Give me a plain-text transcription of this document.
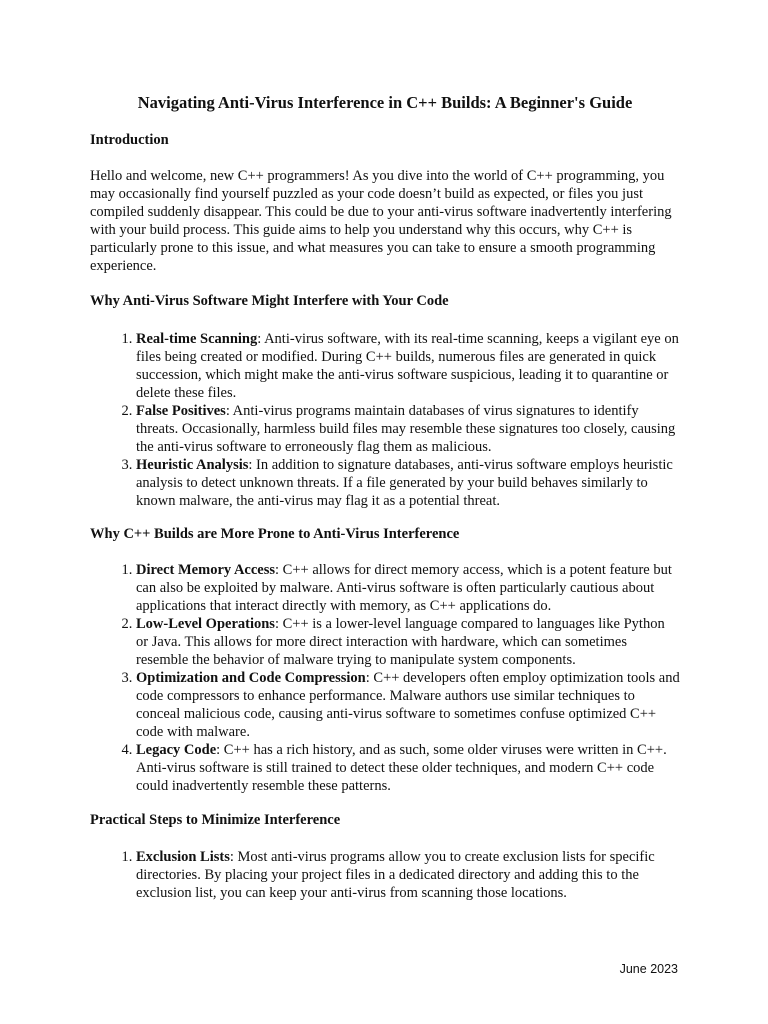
Navigating Anti-Virus Interference in C++ Builds: A Beginner's Guide
Introduction

Hello and welcome, new C++ programmers! As you dive into the world of C++ programming, you may occasionally find yourself puzzled as your code doesn’t build as expected, or files you just compiled suddenly disappear. This could be due to your anti-virus software inadvertently interfering with your build process. This guide aims to help you understand why this occurs, why C++ is particularly prone to this issue, and what measures you can take to ensure a smooth programming experience.

Why Anti-Virus Software Might Interfere with Your Code
1. Real-time Scanning: Anti-virus software, with its real-time scanning, keeps a vigilant eye on files being created or modified. During C++ builds, numerous files are generated in quick succession, which might make the anti-virus software suspicious, leading it to quarantine or delete these files.
2. False Positives: Anti-virus programs maintain databases of virus signatures to identify threats. Occasionally, harmless build files may resemble these signatures too closely, causing the anti-virus software to erroneously flag them as malicious.
3. Heuristic Analysis: In addition to signature databases, anti-virus software employs heuristic analysis to detect unknown threats. If a file generated by your build behaves similarly to known malware, the anti-virus may flag it as a potential threat.
Why C++ Builds are More Prone to Anti-Virus Interference
1. Direct Memory Access: C++ allows for direct memory access, which is a potent feature but can also be exploited by malware. Anti-virus software is often particularly cautious about applications that interact directly with memory, as C++ applications do.
2. Low-Level Operations: C++ is a lower-level language compared to languages like Python or Java. This allows for more direct interaction with hardware, which can sometimes resemble the behavior of malware trying to manipulate system components.
3. Optimization and Code Compression: C++ developers often employ optimization tools and code compressors to enhance performance. Malware authors use similar techniques to conceal malicious code, causing anti-virus software to sometimes confuse optimized C++ code with malware.
4. Legacy Code: C++ has a rich history, and as such, some older viruses were written in C++. Anti-virus software is still trained to detect these older techniques, and modern C++ code could inadvertently resemble these patterns.
Practical Steps to Minimize Interference
1. Exclusion Lists: Most anti-virus programs allow you to create exclusion lists for specific directories. By placing your project files in a dedicated directory and adding this to the exclusion list, you can keep your anti-virus from scanning those locations.
June 2023
